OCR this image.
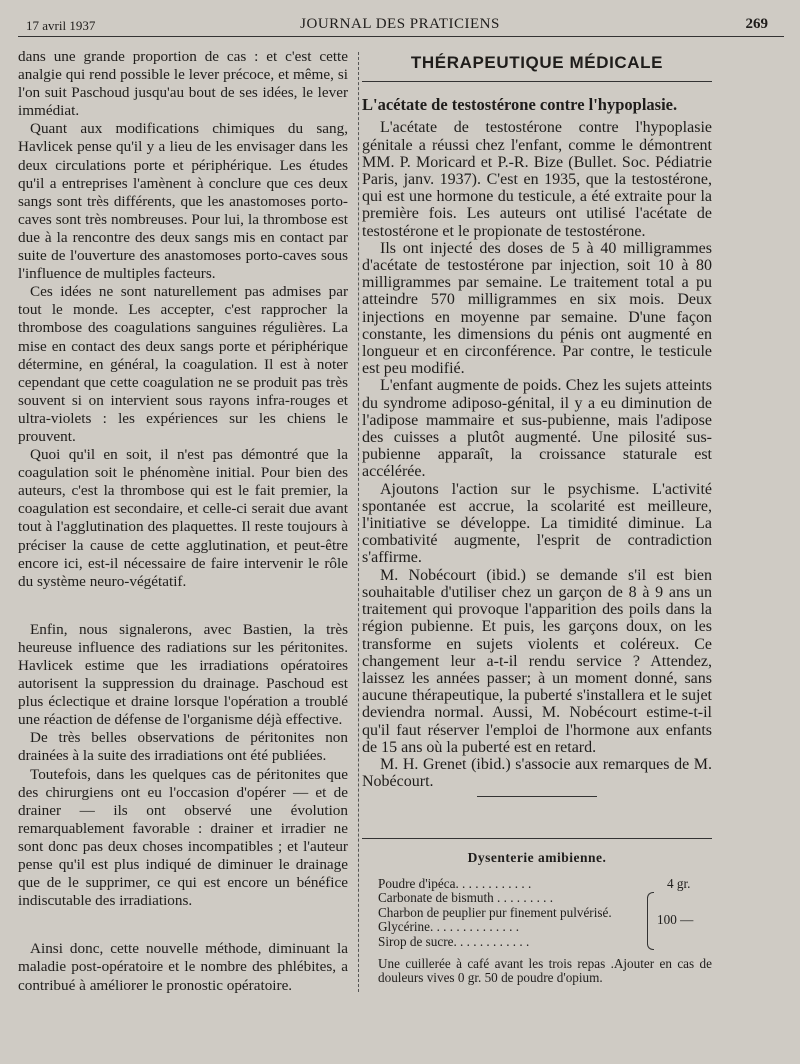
17 avril 1937	JOURNAL DES PRATICIENS	269

dans une grande proportion de cas : et c'est cette analgie qui rend possible le lever précoce, et même, si l'on suit Paschoud jusqu'au bout de ses idées, le lever immédiat.

Quant aux modifications chimiques du sang, Havlicek pense qu'il y a lieu de les envisager dans les deux circulations porte et périphérique. Les études qu'il a entreprises l'amènent à conclure que ces deux sangs sont très différents, que les anastomoses porto-caves sont très nombreuses. Pour lui, la thrombose est due à la rencontre des deux sangs mis en contact par suite de l'ouverture des anastomoses porto-caves sous l'influence de multiples facteurs.

Ces idées ne sont naturellement pas admises par tout le monde. Les accepter, c'est rapprocher la thrombose des coagulations sanguines régulières. La mise en contact des deux sangs porte et périphérique détermine, en général, la coagulation. Il est à noter cependant que cette coagulation ne se produit pas très souvent si on intervient sous rayons infra-rouges et ultra-violets : les expériences sur les chiens le prouvent.

Quoi qu'il en soit, il n'est pas démontré que la coagulation soit le phénomène initial. Pour bien des auteurs, c'est la thrombose qui est le fait premier, la coagulation est secondaire, et celle-ci serait due avant tout à l'agglutination des plaquettes. Il reste toujours à préciser la cause de cette agglutination, et peut-être encore ici, est-il nécessaire de faire intervenir le rôle du système neuro-végétatif.

Enfin, nous signalerons, avec Bastien, la très heureuse influence des radiations sur les péritonites. Havlicek estime que les irradiations opératoires autorisent la suppression du drainage. Paschoud est plus éclectique et draine lorsque l'opération a troublé une réaction de défense de l'organisme déjà effective.

De très belles observations de péritonites non drainées à la suite des irradiations ont été publiées.

Toutefois, dans les quelques cas de péritonites que des chirurgiens ont eu l'occasion d'opérer — et de drainer — ils ont observé une évolution remarquablement favorable : drainer et irradier ne sont donc pas deux choses incompatibles ; et l'auteur pense qu'il est plus indiqué de diminuer le drainage que de le supprimer, ce qui est encore un bénéfice indiscutable des irradiations.

Ainsi donc, cette nouvelle méthode, diminuant la maladie post-opératoire et le nombre des phlébites, a contribué à améliorer le pronostic opératoire.

THÉRAPEUTIQUE MÉDICALE
L'acétate de testostérone contre l'hypoplasie.

L'acétate de testostérone contre l'hypoplasie génitale a réussi chez l'enfant, comme le démontrent MM. P. Moricard et P.-R. Bize (Bullet. Soc. Pédiatrie Paris, janv. 1937). C'est en 1935, que la testostérone, qui est une hormone du testicule, a été extraite pour la première fois. Les auteurs ont utilisé l'acétate de testostérone et le propionate de testostérone.

Ils ont injecté des doses de 5 à 40 milligrammes d'acétate de testostérone par injection, soit 10 à 80 milligrammes par semaine. Le traitement total a pu atteindre 570 milligrammes en six mois. Deux injections en moyenne par semaine. D'une façon constante, les dimensions du pénis ont augmenté en longueur et en circonférence. Par contre, le testicule est peu modifié.

L'enfant augmente de poids. Chez les sujets atteints du syndrome adiposo-génital, il y a eu diminution de l'adipose mammaire et sus-pubienne, mais l'adipose des cuisses a plutôt augmenté. Une pilosité sus-pubienne apparaît, la croissance staturale est accélérée.

Ajoutons l'action sur le psychisme. L'activité spontanée est accrue, la scolarité est meilleure, l'initiative se développe. La timidité diminue. La combativité augmente, l'esprit de contradiction s'affirme.

M. Nobécourt (ibid.) se demande s'il est bien souhaitable d'utiliser chez un garçon de 8 à 9 ans un traitement qui provoque l'apparition des poils dans la région pubienne. Et puis, les garçons doux, on les transforme en sujets violents et coléreux. Ce changement leur a-t-il rendu service ? Attendez, laissez les années passer; à un moment donné, sans aucune thérapeutique, la puberté s'installera et le sujet deviendra normal. Aussi, M. Nobécourt estime-t-il qu'il faut réserver l'emploi de l'hormone aux enfants de 15 ans où la puberté est en retard.

M. H. Grenet (ibid.) s'associe aux remarques de M. Nobécourt.

Dysenterie amibienne.
Poudre d'ipéca. . . . . . . . . . . .
Carbonate de bismuth . . . . . . . . .
Charbon de peuplier pur finement pulvérisé.
Glycérine. . . . . . . . . . . . . .
Sirop de sucre. . . . . . . . . . . .
4 gr.
100 —
Une cuillerée à café avant les trois repas .Ajouter en cas de douleurs vives 0 gr. 50 de poudre d'opium.
